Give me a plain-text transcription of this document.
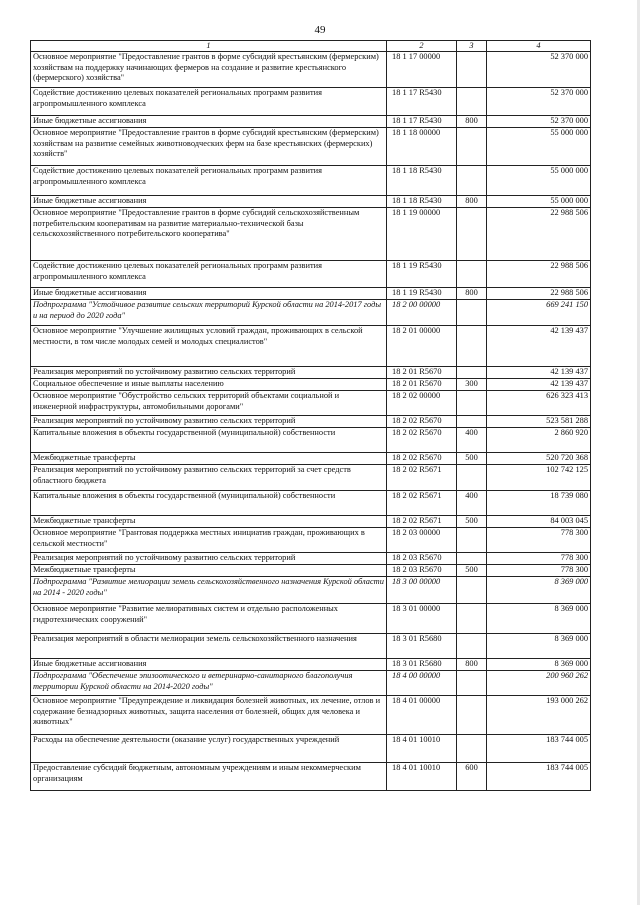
49
1	2	3	4
Основное мероприятие "Предоставление грантов в форме субсидий крестьянским (фермерским) хозяйствам на поддержку начинающих фермеров на создание и развитие крестьянского (фермерского) хозяйства"	18 1 17 00000		52 370 000
Содействие достижению целевых показателей региональных программ развития агропромышленного комплекса	18 1 17 R5430		52 370 000
Иные бюджетные ассигнования	18 1 17 R5430	800	52 370 000
Основное мероприятие "Предоставление грантов в форме субсидий крестьянским (фермерским) хозяйствам на развитие семейных животноводческих ферм на базе крестьянских (фермерских) хозяйств"	18 1 18 00000		55 000 000
Содействие достижению целевых показателей региональных программ развития агропромышленного комплекса	18 1 18 R5430		55 000 000
Иные бюджетные ассигнования	18 1 18 R5430	800	55 000 000
Основное мероприятие "Предоставление грантов в форме субсидий сельскохозяйственным потребительским кооперативам на развитие материально-технической базы сельскохозяйственного потребительского кооператива"	18 1 19 00000		22 988 506
Содействие достижению целевых показателей региональных программ развития агропромышленного комплекса	18 1 19 R5430		22 988 506
Иные бюджетные ассигнования	18 1 19 R5430	800	22 988 506
Подпрограмма "Устойчивое развитие сельских территорий Курской области на 2014-2017 годы и на период до 2020 года"	18 2 00 00000		669 241 150
Основное мероприятие "Улучшение жилищных условий граждан, проживающих в сельской местности, в том числе молодых семей и молодых специалистов"	18 2 01 00000		42 139 437
Реализация мероприятий по устойчивому развитию сельских территорий	18 2 01 R5670		42 139 437
Социальное обеспечение и иные выплаты населению	18 2 01 R5670	300	42 139 437
Основное мероприятие "Обустройство сельских территорий объектами социальной и инженерной инфраструктуры, автомобильными дорогами"	18 2 02 00000		626 323 413
Реализация мероприятий по устойчивому развитию сельских территорий	18 2 02 R5670		523 581 288
Капитальные вложения в объекты государственной (муниципальной) собственности	18 2 02 R5670	400	2 860 920
Межбюджетные трансферты	18 2 02 R5670	500	520 720 368
Реализация мероприятий по устойчивому развитию сельских территорий за счет средств областного бюджета	18 2 02 R5671		102 742 125
Капитальные вложения в объекты государственной (муниципальной) собственности	18 2 02 R5671	400	18 739 080
Межбюджетные трансферты	18 2 02 R5671	500	84 003 045
Основное мероприятие "Грантовая поддержка местных инициатив граждан, проживающих в сельской местности"	18 2 03 00000		778 300
Реализация мероприятий по устойчивому развитию сельских территорий	18 2 03 R5670		778 300
Межбюджетные трансферты	18 2 03 R5670	500	778 300
Подпрограмма "Развитие мелиорации земель сельскохозяйственного назначения Курской области на 2014 - 2020 годы"	18 3 00 00000		8 369 000
Основное мероприятие "Развитие мелиоративных систем и отдельно расположенных гидротехнических сооружений"	18 3 01 00000		8 369 000
Реализация мероприятий в области мелиорации земель сельскохозяйственного назначения	18 3 01 R5680		8 369 000
Иные бюджетные ассигнования	18 3 01 R5680	800	8 369 000
Подпрограмма "Обеспечение эпизоотического и ветеринарно-санитарного благополучия территории Курской области на 2014-2020 годы"	18 4 00 00000		200 960 262
Основное мероприятие "Предупреждение и ликвидация болезней животных, их лечение, отлов и содержание безнадзорных животных, защита населения от болезней, общих для человека и животных"	18 4 01 00000		193 000 262
Расходы на обеспечение деятельности (оказание услуг) государственных учреждений	18 4 01 10010		183 744 005
Предоставление субсидий бюджетным, автономным учреждениям и иным некоммерческим организациям	18 4 01 10010	600	183 744 005
